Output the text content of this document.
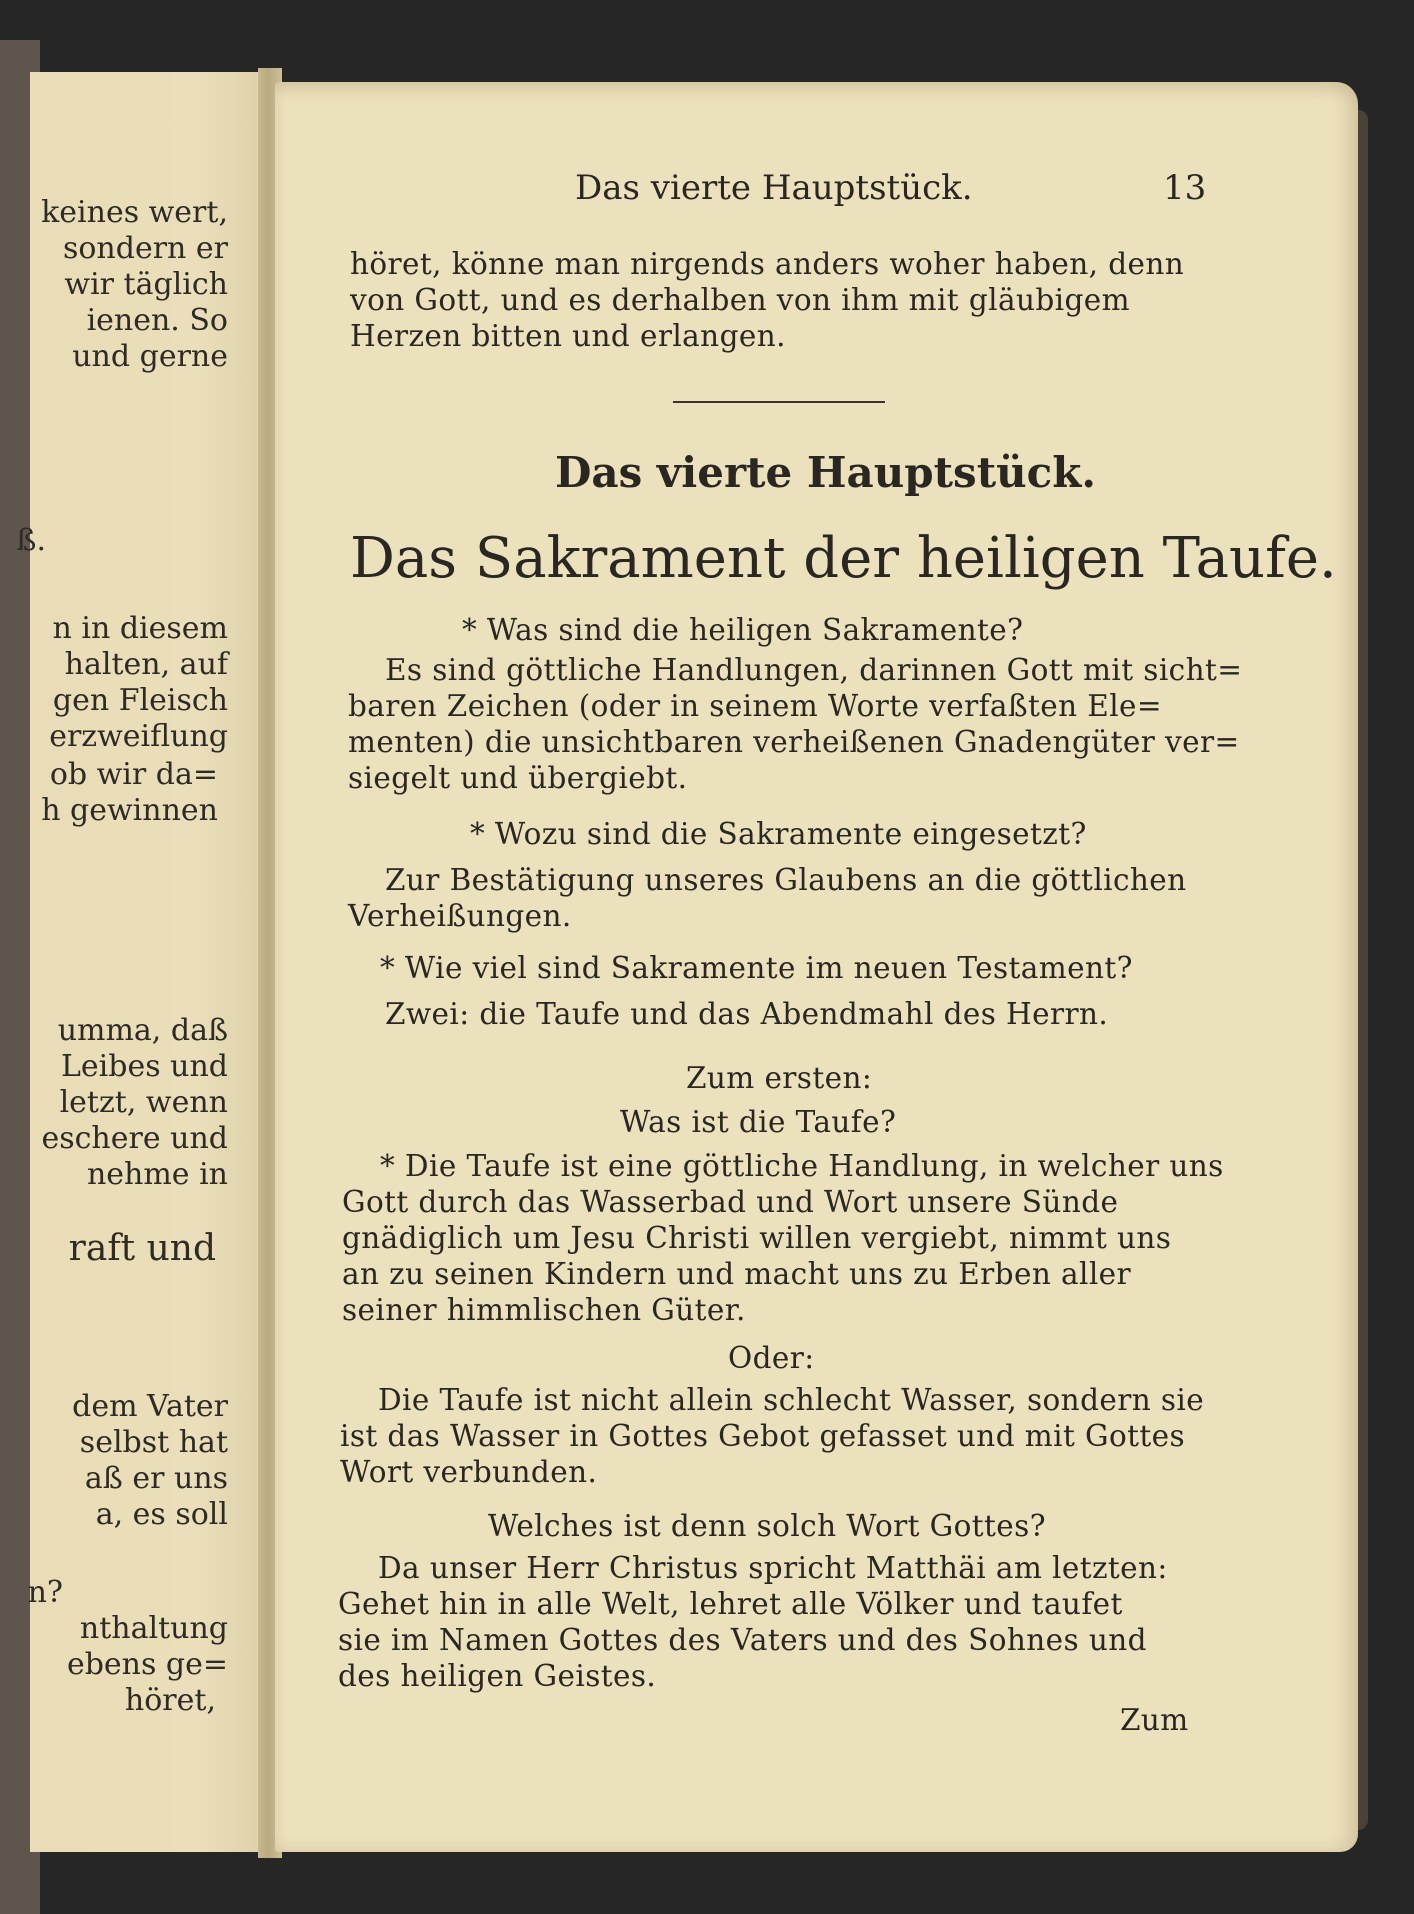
keines wert,
sondern er
wir täglich
ienen. So
und gerne
ß.
n in diesem
halten, auf
gen Fleisch
erzweiflung
ob wir da=
h gewinnen
umma, daß
Leibes und
letzt, wenn
eschere und
nehme in
raft und
dem Vater
selbst hat
aß er uns
a, es soll
n?
nthaltung
ebens ge=
höret,
Das vierte Hauptstück.	13
höret, könne man nirgends anders woher haben, denn
von Gott, und es derhalben von ihm mit gläubigem
Herzen bitten und erlangen.
Das vierte Hauptstück.
Das Sakrament der heiligen Taufe.
* Was sind die heiligen Sakramente?
Es sind göttliche Handlungen, darinnen Gott mit sicht=
baren Zeichen (oder in seinem Worte verfaßten Ele=
menten) die unsichtbaren verheißenen Gnadengüter ver=
siegelt und übergiebt.
* Wozu sind die Sakramente eingesetzt?
Zur Bestätigung unseres Glaubens an die göttlichen
Verheißungen.
* Wie viel sind Sakramente im neuen Testament?
Zwei: die Taufe und das Abendmahl des Herrn.
Zum ersten:
Was ist die Taufe?
* Die Taufe ist eine göttliche Handlung, in welcher uns
Gott durch das Wasserbad und Wort unsere Sünde
gnädiglich um Jesu Christi willen vergiebt, nimmt uns
an zu seinen Kindern und macht uns zu Erben aller
seiner himmlischen Güter.
Oder:
Die Taufe ist nicht allein schlecht Wasser, sondern sie
ist das Wasser in Gottes Gebot gefasset und mit Gottes
Wort verbunden.
Welches ist denn solch Wort Gottes?
Da unser Herr Christus spricht Matthäi am letzten:
Gehet hin in alle Welt, lehret alle Völker und taufet
sie im Namen Gottes des Vaters und des Sohnes und
des heiligen Geistes.
Zum
